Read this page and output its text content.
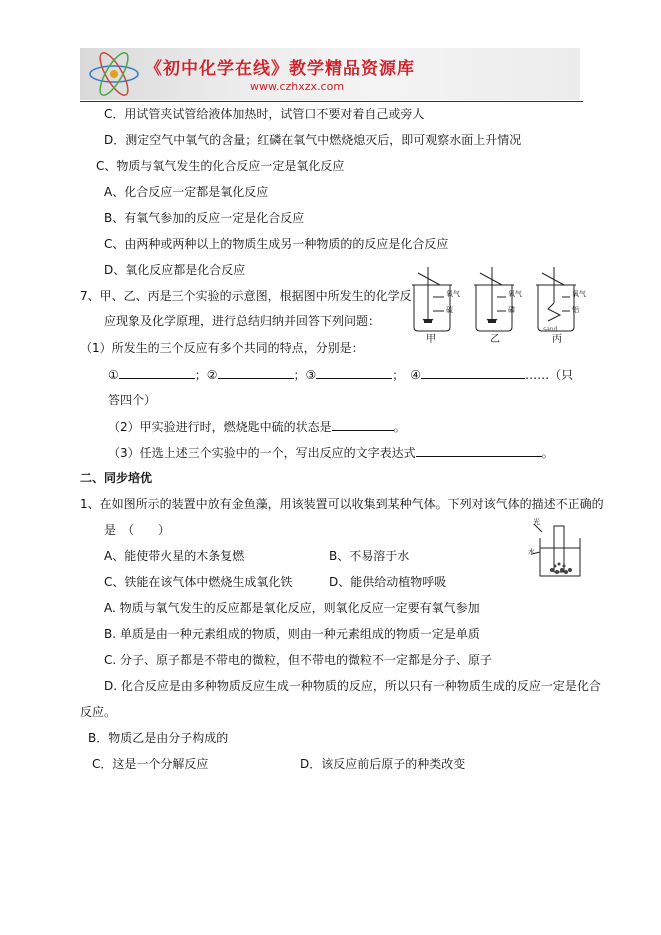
《初中化学在线》教学精品资源库
www.czhxzx.com
C．用试管夹试管给液体加热时，试管口不要对着自己或旁人
D．测定空气中氧气的含量；红磷在氧气中燃烧熄灭后，即可观察水面上升情况
C、物质与氧气发生的化合反应一定是氧化反应
A、化合反应一定都是氧化反应
B、有氧气参加的反应一定是化合反应
C、由两种或两种以上的物质生成另一种物质的的反应是化合反应
D、氧化反应都是化合反应
7、甲、乙、丙是三个实验的示意图，根据图中所发生的化学反
应现象及化学原理，进行总结归纳并回答下列问题：
sand
氧气
硫
氧气
磷
氧气
铝
甲	乙	丙
（1）所发生的三个反应有多个共同的特点，分别是：
①	；②	；③	；　④	……（只
答四个）
（2）甲实验进行时，燃烧匙中硫的状态是	。
（3）任选上述三个实验中的一个，写出反应的文字表达式	。
二、同步培优
1、在如图所示的装置中放有金鱼藻，用该装置可以收集到某种气体。下列对该气体的描述不正确的
是　（　　）
光
水
A、能使带火星的木条复燃	B、不易溶于水
C、铁能在该气体中燃烧生成氧化铁	D、能供给动植物呼吸
A. 物质与氧气发生的反应都是氧化反应，则氧化反应一定要有氧气参加
B. 单质是由一种元素组成的物质，则由一种元素组成的物质一定是单质
C. 分子、原子都是不带电的微粒，但不带电的微粒不一定都是分子、原子
D. 化合反应是由多种物质反应生成一种物质的反应，所以只有一种物质生成的反应一定是化合
反应。
B．物质乙是由分子构成的
C．这是一个分解反应	D．该反应前后原子的种类改变
